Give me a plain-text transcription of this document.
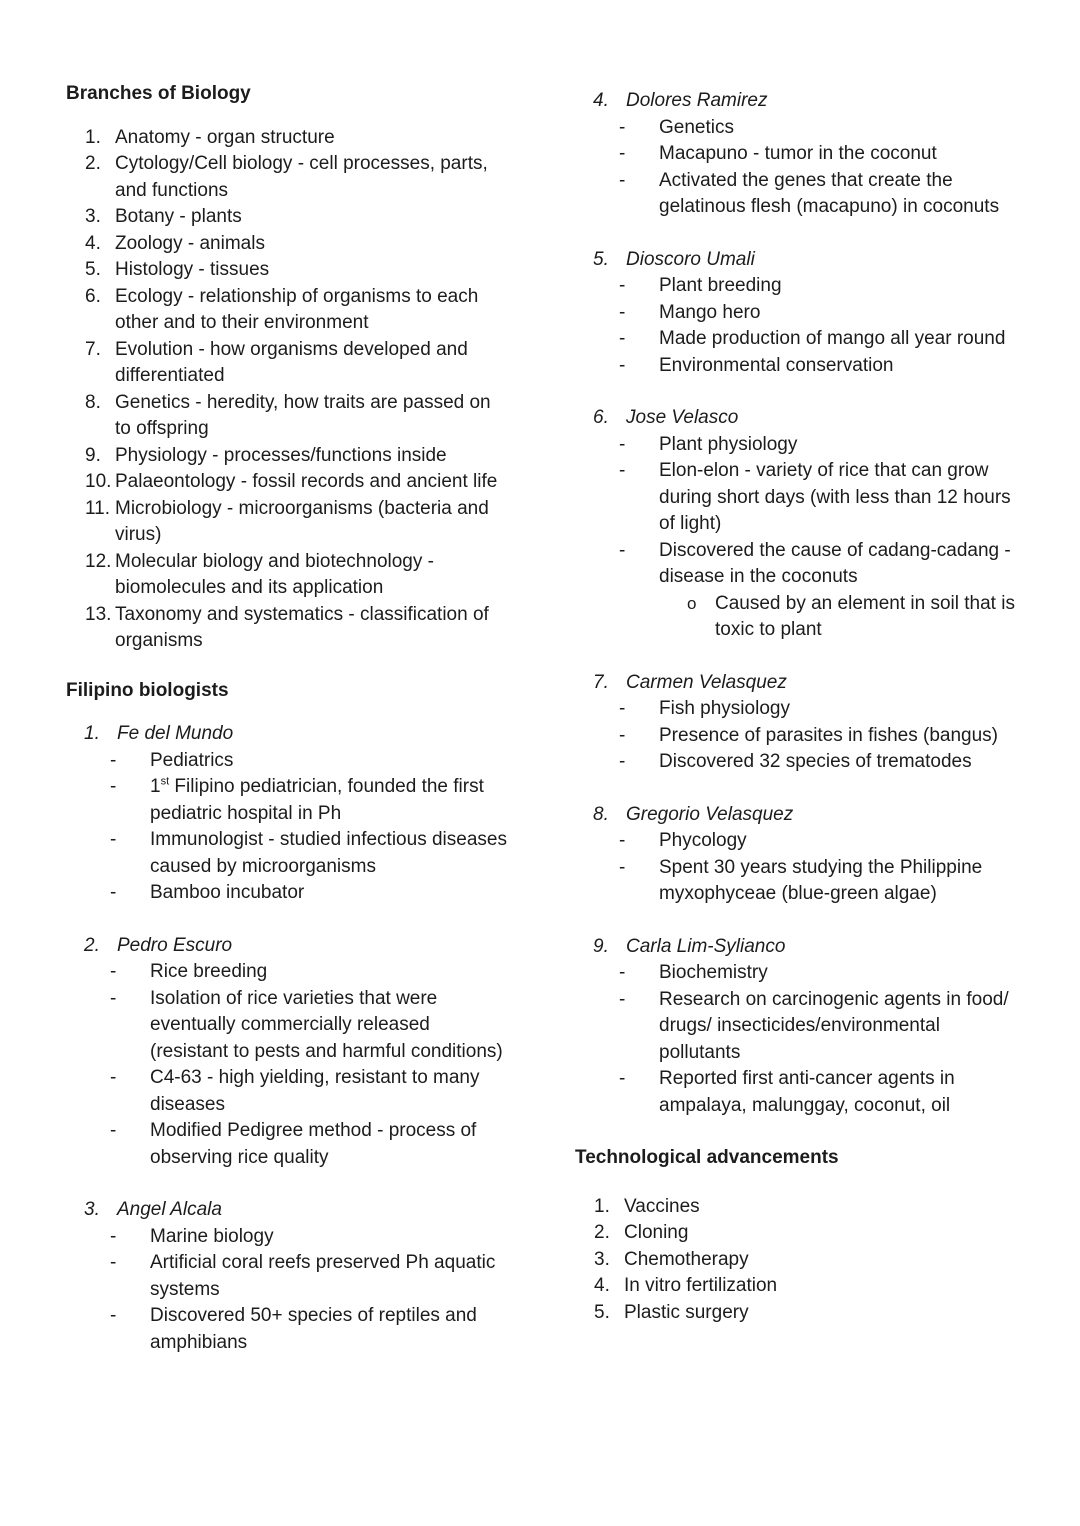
Branches of Biology
Anatomy - organ structure
Cytology/Cell biology - cell processes, parts, and functions
Botany - plants
Zoology - animals
Histology - tissues
Ecology - relationship of organisms to each other and to their environment
Evolution - how organisms developed and differentiated
Genetics - heredity, how traits are passed on to offspring
Physiology - processes/functions inside
Palaeontology - fossil records and ancient life
Microbiology - microorganisms (bacteria and virus)
Molecular biology and biotechnology - biomolecules and its application
Taxonomy and systematics - classification of organisms
Filipino biologists
1. Fe del Mundo
-
Pediatrics
-
1st Filipino pediatrician, founded the first pediatric hospital in Ph
-
Immunologist - studied infectious diseases caused by microorganisms
-
Bamboo incubator
2. Pedro Escuro
-
Rice breeding
-
Isolation of rice varieties that were eventually commercially released (resistant to pests and harmful conditions)
-
C4-63 - high yielding, resistant to many diseases
-
Modified Pedigree method - process of observing rice quality
3. Angel Alcala
-
Marine biology
-
Artificial coral reefs preserved Ph aquatic systems
-
Discovered 50+ species of reptiles and amphibians
4. Dolores Ramirez
-
Genetics
-
Macapuno - tumor in the coconut
-
Activated the genes that create the gelatinous flesh (macapuno) in coconuts
5. Dioscoro Umali
-
Plant breeding
-
Mango hero
-
Made production of mango all year round
-
Environmental conservation
6. Jose Velasco
-
Plant physiology
-
Elon-elon - variety of rice that can grow during short days (with less than 12 hours of light)
-
Discovered the cause of cadang-cadang - disease in the coconuts
o
Caused by an element in soil that is toxic to plant
7. Carmen Velasquez
-
Fish physiology
-
Presence of parasites in fishes (bangus)
-
Discovered 32 species of trematodes
8. Gregorio Velasquez
-
Phycology
-
Spent 30 years studying the Philippine myxophyceae (blue-green algae)
9. Carla Lim-Sylianco
-
Biochemistry
-
Research on carcinogenic agents in food/ drugs/ insecticides/environmental pollutants
-
Reported first anti-cancer agents in ampalaya, malunggay, coconut, oil
Technological advancements
Vaccines
Cloning
Chemotherapy
In vitro fertilization
Plastic surgery
